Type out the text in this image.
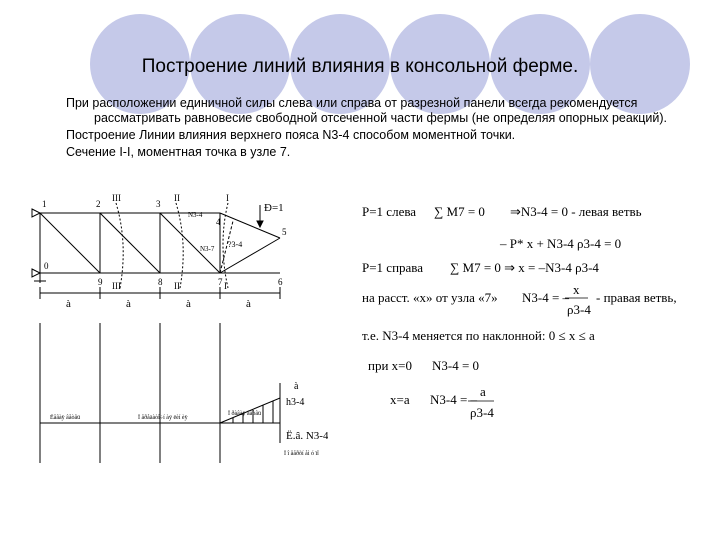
Построение линий влияния в консольной ферме.

При расположении единичной силы слева или справа от разрезной панели всегда рекомендуется рассматривать равновесие свободной отсеченной части фермы (не определяя опорных реакций).

Построение Линии влияния верхнего пояса N3-4 способом моментной точки.

Сечение I-I, моментная точка в узле 7.

1	2	3
4
5
0
9	8	7	6
III	II	I
III	II	I
Ð=1
N3-4
N3-7 ?3-4
à	à	à	à
à
h3-4
Ëåâàÿ âåòâü	Ï åðåäàòî÷í àÿ ëèí èÿ
Ï ðàâàÿ âåòâü
Ë.â. N3-4
Ï î âåðõí åì ó ïî
P=1 слева ∑ M7 = 0 ⇒N3-4 = 0 - левая ветвь
– P* x + N3-4 ρ3-4 = 0
P=1 справа ∑ M7 = 0 ⇒ x = –N3-4 ρ3-4
на расст. «x» от узла «7» N3-4 = –
x
ρ3-4
- правая ветвь,
т.е. N3-4 меняется по наклонной: 0 ≤ x ≤ a
при x=0 N3-4 = 0
x=a N3-4 = –
a
ρ3-4
